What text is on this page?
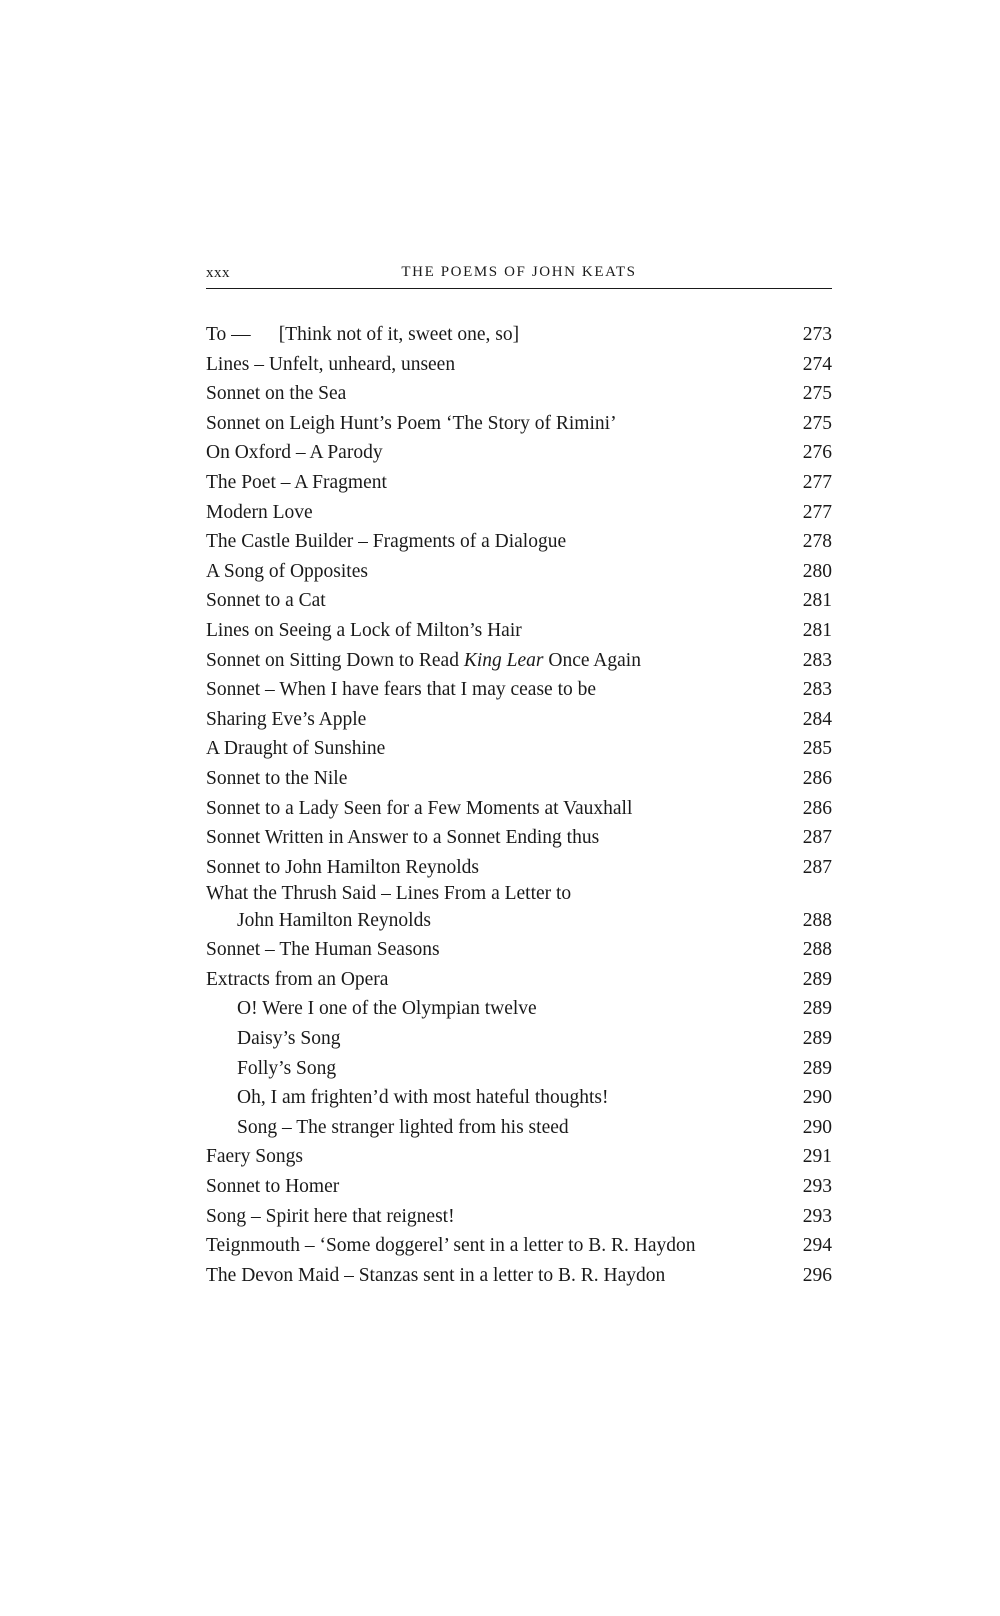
xxx	THE POEMS OF JOHN KEATS
To — [Think not of it, sweet one, so]	273
Lines – Unfelt, unheard, unseen	274
Sonnet on the Sea	275
Sonnet on Leigh Hunt’s Poem ‘The Story of Rimini’	275
On Oxford – A Parody	276
The Poet – A Fragment	277
Modern Love	277
The Castle Builder – Fragments of a Dialogue	278
A Song of Opposites	280
Sonnet to a Cat	281
Lines on Seeing a Lock of Milton’s Hair	281
Sonnet on Sitting Down to Read King Lear Once Again	283
Sonnet – When I have fears that I may cease to be	283
Sharing Eve’s Apple	284
A Draught of Sunshine	285
Sonnet to the Nile	286
Sonnet to a Lady Seen for a Few Moments at Vauxhall	286
Sonnet Written in Answer to a Sonnet Ending thus	287
Sonnet to John Hamilton Reynolds	287
What the Thrush Said – Lines From a Letter to
John Hamilton Reynolds	288
Sonnet – The Human Seasons	288
Extracts from an Opera	289
O! Were I one of the Olympian twelve	289
Daisy’s Song	289
Folly’s Song	289
Oh, I am frighten’d with most hateful thoughts!	290
Song – The stranger lighted from his steed	290
Faery Songs	291
Sonnet to Homer	293
Song – Spirit here that reignest!	293
Teignmouth – ‘Some doggerel’ sent in a letter to B. R. Haydon	294
The Devon Maid – Stanzas sent in a letter to B. R. Haydon	296
